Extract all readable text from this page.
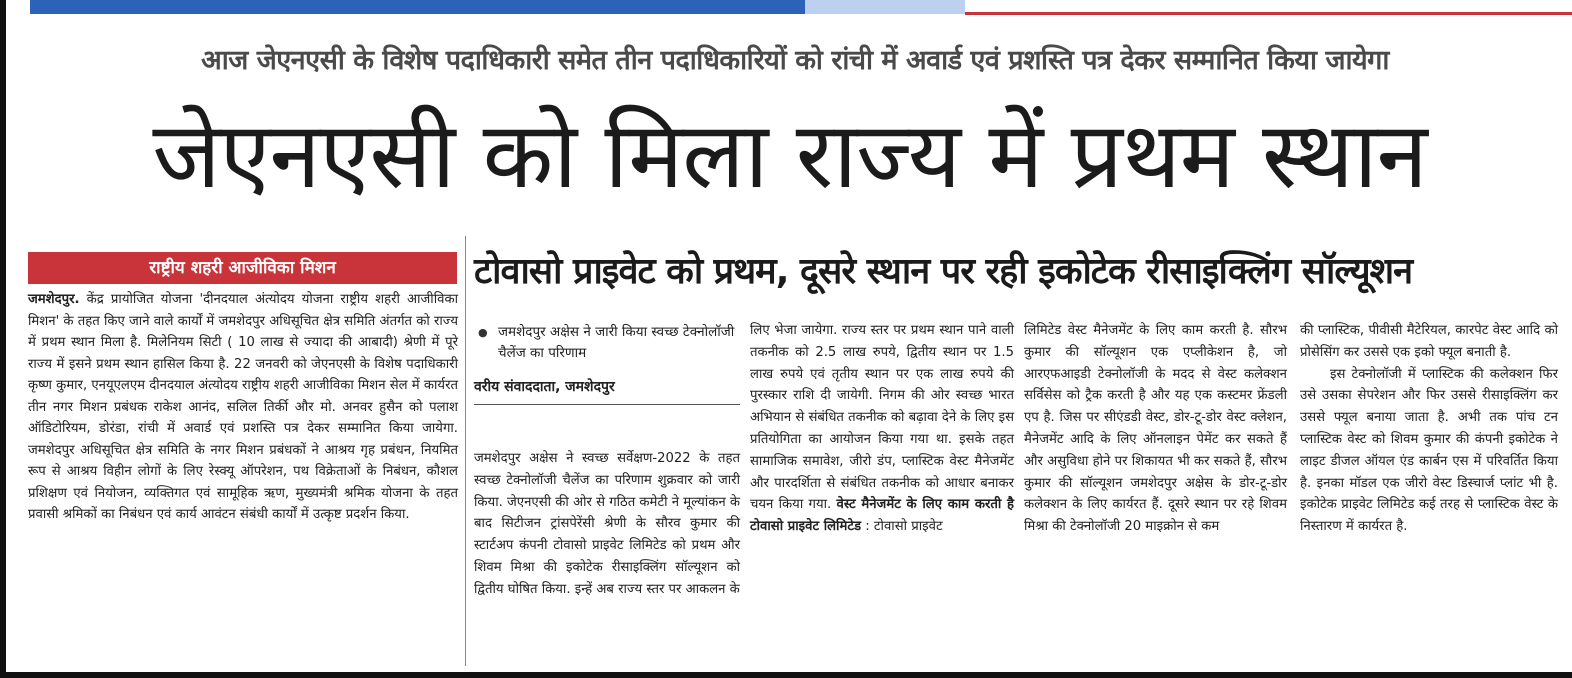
आज जेएनएसी के विशेष पदाधिकारी समेत तीन पदाधिकारियों को रांची में अवार्ड एवं प्रशस्ति पत्र देकर सम्मानित किया जायेगा
जेएनएसी को मिला राज्य में प्रथम स्थान
राष्ट्रीय शहरी आजीविका मिशन

जमशेदपुर. केंद्र प्रायोजित योजना 'दीनदयाल अंत्योदय योजना राष्ट्रीय शहरी आजीविका मिशन' के तहत किए जाने वाले कार्यों में जमशेदपुर अधिसूचित क्षेत्र समिति अंतर्गत को राज्य में प्रथम स्थान मिला है. मिलेनियम सिटी ( 10 लाख से ज्यादा की आबादी) श्रेणी में पूरे राज्य में इसने प्रथम स्थान हासिल किया है. 22 जनवरी को जेएनएसी के विशेष पदाधिकारी कृष्ण कुमार, एनयूएलएम दीनदयाल अंत्योदय राष्ट्रीय शहरी आजीविका मिशन सेल में कार्यरत तीन नगर मिशन प्रबंधक राकेश आनंद, सलिल तिर्की और मो. अनवर हुसैन को पलाश ऑडिटोरियम, डोरंडा, रांची में अवार्ड एवं प्रशस्ति पत्र देकर सम्मानित किया जायेगा. जमशेदपुर अधिसूचित क्षेत्र समिति के नगर मिशन प्रबंधकों ने आश्रय गृह प्रबंधन, नियमित रूप से आश्रय विहीन लोगों के लिए रेस्क्यू ऑपरेशन, पथ विक्रेताओं के निबंधन, कौशल प्रशिक्षण एवं नियोजन, व्यक्तिगत एवं सामूहिक ऋण, मुख्यमंत्री श्रमिक योजना के तहत प्रवासी श्रमिकों का निबंधन एवं कार्य आवंटन संबंधी कार्यों में उत्कृष्ट प्रदर्शन किया.

टोवासो प्राइवेट को प्रथम, दूसरे स्थान पर रही इकोटेक रीसाइक्लिंग सॉल्यूशन

● जमशेदपुर अक्षेस ने जारी किया स्वच्छ टेक्नोलॉजी चैलेंज का परिणाम

वरीय संवाददाता, जमशेदपुर

जमशेदपुर अक्षेस ने स्वच्छ सर्वेक्षण-2022 के तहत स्वच्छ टेक्नोलॉजी चैलेंज का परिणाम शुक्रवार को जारी किया. जेएनएसी की ओर से गठित कमेटी ने मूल्यांकन के बाद सिटीजन ट्रांसपेरेंसी श्रेणी के सौरव कुमार की स्टार्टअप कंपनी टोवासो प्राइवेट लिमिटेड को प्रथम और शिवम मिश्रा की इकोटेक रीसाइक्लिंग सॉल्यूशन को द्वितीय घोषित किया. इन्हें अब राज्य स्तर पर आकलन के

लिए भेजा जायेगा. राज्य स्तर पर प्रथम स्थान पाने वाली तकनीक को 2.5 लाख रुपये, द्वितीय स्थान पर 1.5 लाख रुपये एवं तृतीय स्थान पर एक लाख रुपये की पुरस्कार राशि दी जायेगी. निगम की ओर स्वच्छ भारत अभियान से संबंधित तकनीक को बढ़ावा देने के लिए इस प्रतियोगिता का आयोजन किया गया था. इसके तहत सामाजिक समावेश, जीरो डंप, प्लास्टिक वेस्ट मैनेजमेंट और पारदर्शिता से संबंधित तकनीक को आधार बनाकर चयन किया गया. वेस्ट मैनेजमेंट के लिए काम करती है टोवासो प्राइवेट लिमिटेड : टोवासो प्राइवेट

लिमिटेड वेस्ट मैनेजमेंट के लिए काम करती है. सौरभ कुमार की सॉल्यूशन एक एप्लीकेशन है, जो आरएफआइडी टेक्नोलॉजी के मदद से वेस्ट कलेक्शन सर्विसेस को ट्रैक करती है और यह एक कस्टमर फ्रेंडली एप है. जिस पर सीएंडडी वेस्ट, डोर-टू-डोर वेस्ट क्लेशन, मैनेजमेंट आदि के लिए ऑनलाइन पेमेंट कर सकते हैं और असुविधा होने पर शिकायत भी कर सकते हैं, सौरभ कुमार की सॉल्यूशन जमशेदपुर अक्षेस के डोर-टू-डोर कलेक्शन के लिए कार्यरत हैं. दूसरे स्थान पर रहे शिवम मिश्रा की टेक्नोलॉजी 20 माइक्रोन से कम

की प्लास्टिक, पीवीसी मैटेरियल, कारपेट वेस्ट आदि को प्रोसेसिंग कर उससे एक इको फ्यूल बनाती है.
इस टेक्नोलॉजी में प्लास्टिक की कलेक्शन फिर उसे उसका सेपरेशन और फिर उससे रीसाइक्लिंग कर उससे फ्यूल बनाया जाता है. अभी तक पांच टन प्लास्टिक वेस्ट को शिवम कुमार की कंपनी इकोटेक ने लाइट डीजल ऑयल एंड कार्बन एस में परिवर्तित किया है. इनका मॉडल एक जीरो वेस्ट डिस्चार्ज प्लांट भी है. इकोटेक प्राइवेट लिमिटेड कई तरह से प्लास्टिक वेस्ट के निस्तारण में कार्यरत है.
